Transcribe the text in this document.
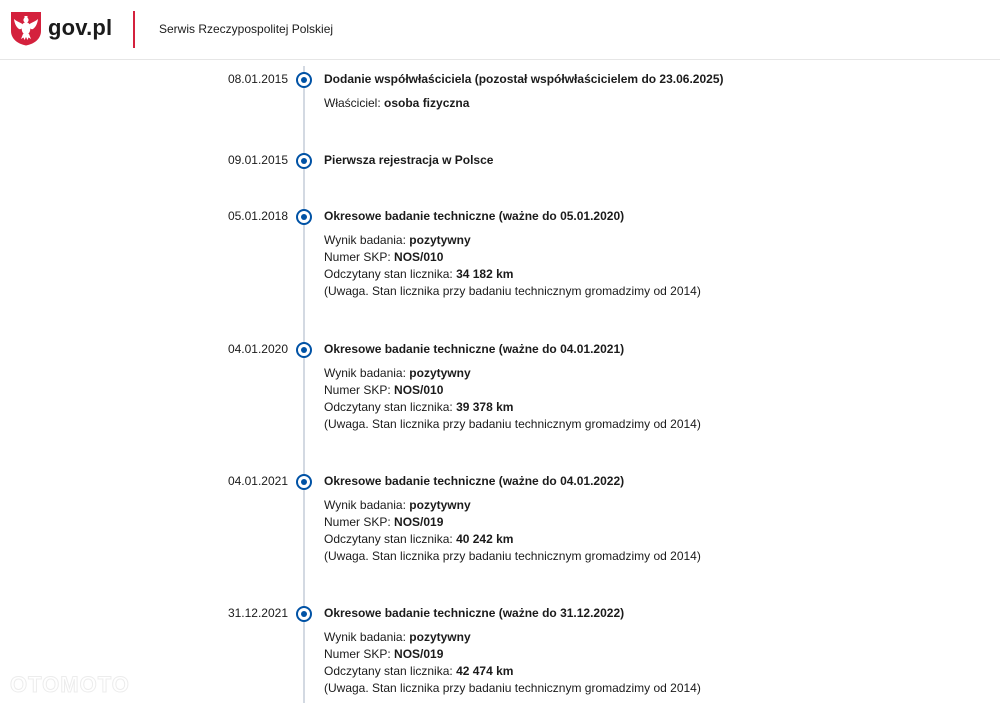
gov.pl	Serwis Rzeczypospolitej Polskiej
08.01.2015	Dodanie współwłaściciela (pozostał współwłaścicielem do 23.06.2025)
Właściciel: osoba fizyczna
09.01.2015	Pierwsza rejestracja w Polsce
05.01.2018	Okresowe badanie techniczne (ważne do 05.01.2020)
Wynik badania: pozytywny
Numer SKP: NOS/010
Odczytany stan licznika: 34 182 km
(Uwaga. Stan licznika przy badaniu technicznym gromadzimy od 2014)
04.01.2020	Okresowe badanie techniczne (ważne do 04.01.2021)
Wynik badania: pozytywny
Numer SKP: NOS/010
Odczytany stan licznika: 39 378 km
(Uwaga. Stan licznika przy badaniu technicznym gromadzimy od 2014)
04.01.2021	Okresowe badanie techniczne (ważne do 04.01.2022)
Wynik badania: pozytywny
Numer SKP: NOS/019
Odczytany stan licznika: 40 242 km
(Uwaga. Stan licznika przy badaniu technicznym gromadzimy od 2014)
31.12.2021	Okresowe badanie techniczne (ważne do 31.12.2022)
Wynik badania: pozytywny
Numer SKP: NOS/019
Odczytany stan licznika: 42 474 km
(Uwaga. Stan licznika przy badaniu technicznym gromadzimy od 2014)
OTOMOTO
